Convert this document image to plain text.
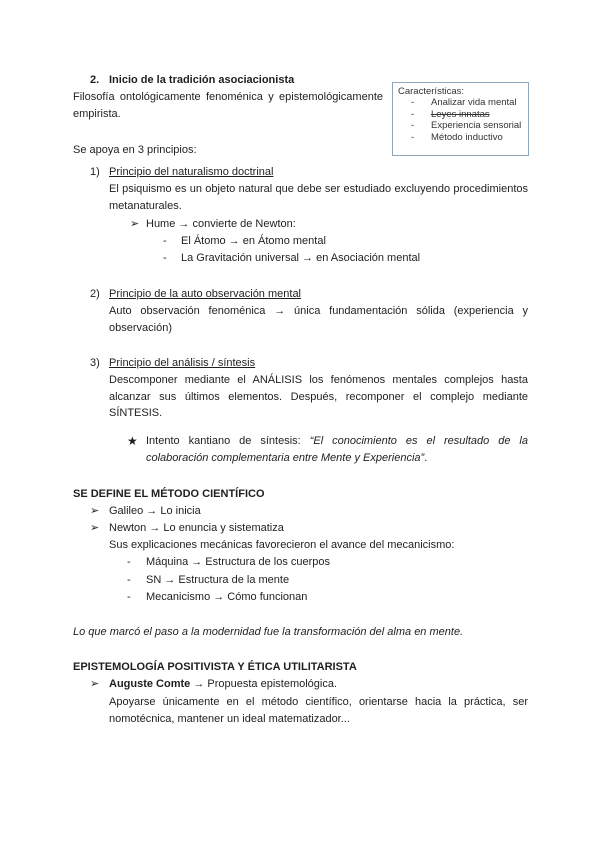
2. Inicio de la tradición asociacionista
Filosofía ontológicamente fenoménica y epistemológicamente empirista.
Características:
- Analizar vida mental
- Leyes innatas
- Experiencia sensorial
- Método inductivo
Se apoya en 3 principios:
1) Principio del naturalismo doctrinal
El psiquismo es un objeto natural que debe ser estudiado excluyendo procedimientos metanaturales.
➢ Hume → convierte de Newton:
- El Átomo → en Átomo mental
- La Gravitación universal → en Asociación mental
2) Principio de la auto observación mental
Auto observación fenoménica → única fundamentación sólida (experiencia y observación)
3) Principio del análisis / síntesis
Descomponer mediante el ANÁLISIS los fenómenos mentales complejos hasta alcanzar sus últimos elementos. Después, recomponer el complejo mediante SÍNTESIS.
★ Intento kantiano de síntesis: “El conocimiento es el resultado de la colaboración complementaria entre Mente y Experiencia”.
SE DEFINE EL MÉTODO CIENTÍFICO
➢ Galileo → Lo inicia
➢ Newton → Lo enuncia y sistematiza
Sus explicaciones mecánicas favorecieron el avance del mecanicismo:
- Máquina → Estructura de los cuerpos
- SN → Estructura de la mente
- Mecanicismo → Cómo funcionan
Lo que marcó el paso a la modernidad fue la transformación del alma en mente.
EPISTEMOLOGÍA POSITIVISTA Y ÉTICA UTILITARISTA
➢ Auguste Comte → Propuesta epistemológica.
Apoyarse únicamente en el método científico, orientarse hacia la práctica, ser nomotécnica, mantener un ideal matematizador...
